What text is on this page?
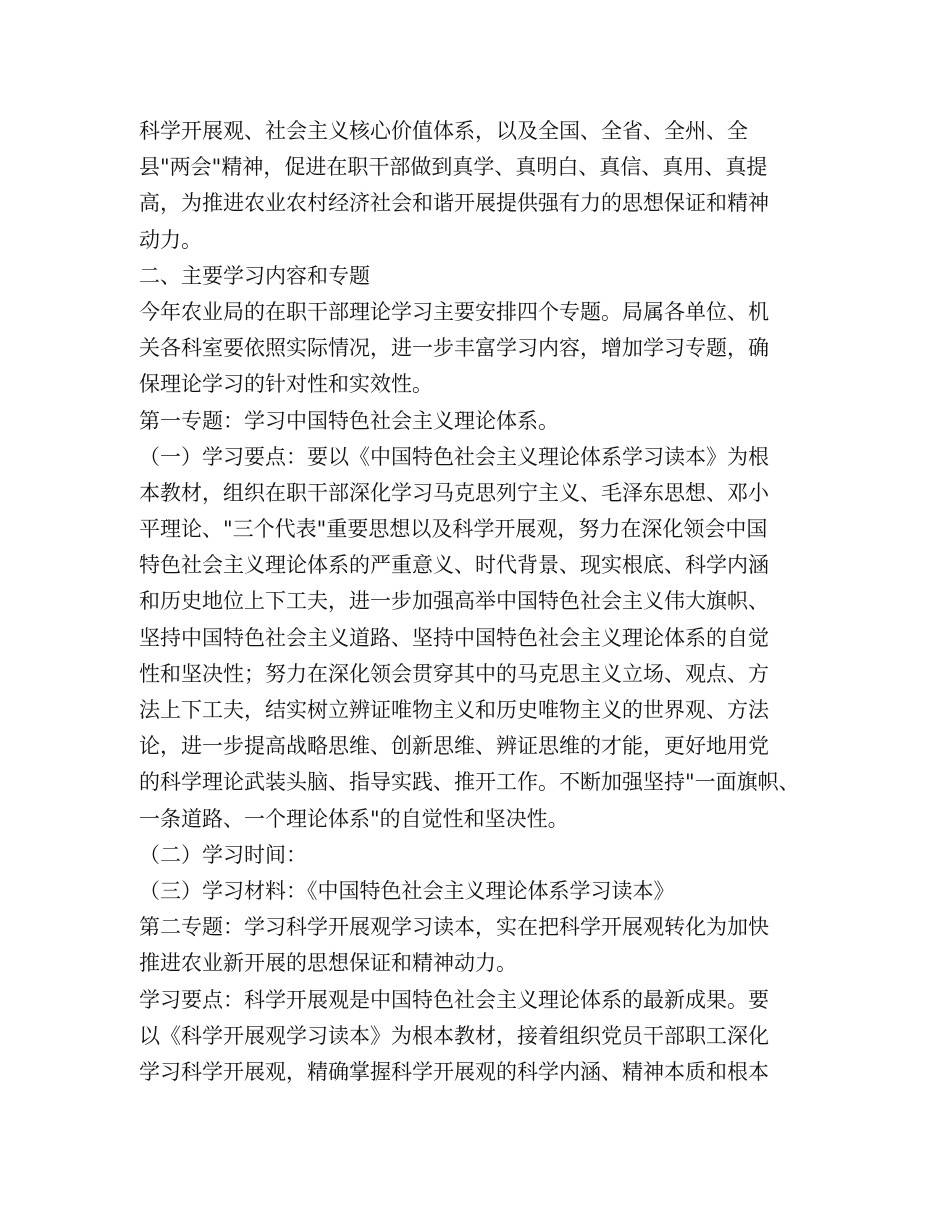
科学开展观、社会主义核心价值体系，以及全国、全省、全州、全
县"两会"精神，促进在职干部做到真学、真明白、真信、真用、真提
高，为推进农业农村经济社会和谐开展提供强有力的思想保证和精神
动力。
二、主要学习内容和专题
今年农业局的在职干部理论学习主要安排四个专题。局属各单位、机
关各科室要依照实际情况，进一步丰富学习内容，增加学习专题，确
保理论学习的针对性和实效性。
第一专题：学习中国特色社会主义理论体系。
（一）学习要点：要以《中国特色社会主义理论体系学习读本》为根
本教材，组织在职干部深化学习马克思列宁主义、毛泽东思想、邓小
平理论、"三个代表"重要思想以及科学开展观，努力在深化领会中国
特色社会主义理论体系的严重意义、时代背景、现实根底、科学内涵
和历史地位上下工夫，进一步加强高举中国特色社会主义伟大旗帜、
坚持中国特色社会主义道路、坚持中国特色社会主义理论体系的自觉
性和坚决性；努力在深化领会贯穿其中的马克思主义立场、观点、方
法上下工夫，结实树立辨证唯物主义和历史唯物主义的世界观、方法
论，进一步提高战略思维、创新思维、辨证思维的才能，更好地用党
的科学理论武装头脑、指导实践、推开工作。不断加强坚持"一面旗帜、
一条道路、一个理论体系"的自觉性和坚决性。
（二）学习时间：
（三）学习材料：《中国特色社会主义理论体系学习读本》
第二专题：学习科学开展观学习读本，实在把科学开展观转化为加快
推进农业新开展的思想保证和精神动力。
学习要点：科学开展观是中国特色社会主义理论体系的最新成果。要
以《科学开展观学习读本》为根本教材，接着组织党员干部职工深化
学习科学开展观，精确掌握科学开展观的科学内涵、精神本质和根本
